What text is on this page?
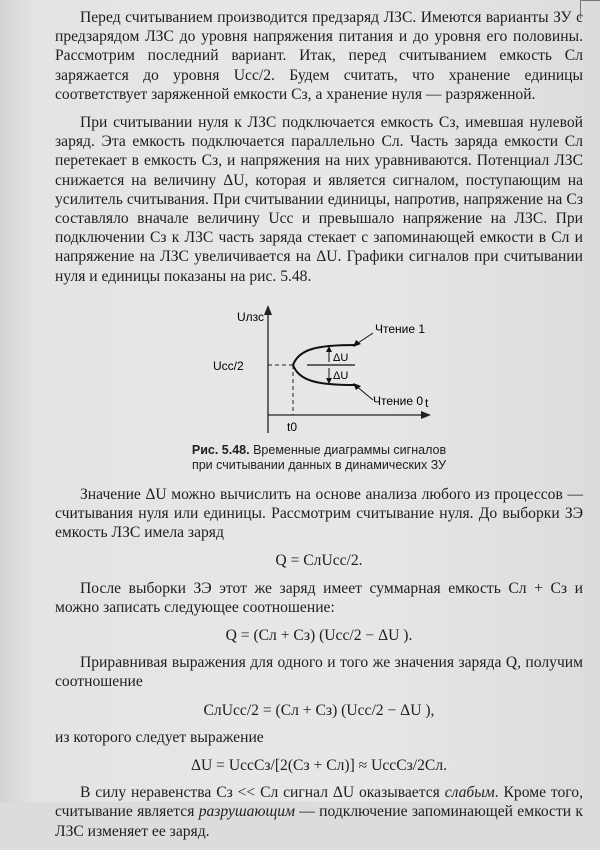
Перед считыванием производится предзаряд ЛЗС. Имеются варианты ЗУ с предзарядом ЛЗС до уровня напряжения питания и до уровня его половины. Рассмотрим последний вариант. Итак, перед считыванием емкость Сл заряжается до уровня Ucc/2. Будем считать, что хранение единицы соответствует заряженной емкости Сз, а хранение нуля — разряженной.

При считывании нуля к ЛЗС подключается емкость Сз, имевшая нулевой заряд. Эта емкость подключается параллельно Сл. Часть заряда емкости Сл перетекает в емкость Сз, и напряжения на них уравниваются. Потенциал ЛЗС снижается на величину ΔU, которая и является сигналом, поступающим на усилитель считывания. При считывании единицы, напротив, напряжение на Сз составляло вначале величину Ucc и превышало напряжение на ЛЗС. При подключении Сз к ЛЗС часть заряда стекает с запоминающей емкости в Сл и напряжение на ЛЗС увеличивается на ΔU. Графики сигналов при считывании нуля и единицы показаны на рис. 5.48.

Uлзс
Ucc/2
t
t0
ΔU
ΔU
Чтение 1
Чтение 0
Рис. 5.48. Временные диаграммы сигналов
при считывании данных в динамических ЗУ

Значение ΔU можно вычислить на основе анализа любого из процессов — считывания нуля или единицы. Рассмотрим считывание нуля. До выборки ЗЭ емкость ЛЗС имела заряд

Q = CлUcc/2.

После выборки ЗЭ этот же заряд имеет суммарная емкость Сл + Сз и можно записать следующее соотношение:

Q = (Cл + Сз) (Ucc/2 − ΔU ).

Приравнивая выражения для одного и того же значения заряда Q, получим соотношение

CлUcc/2 = (Сл + Сз) (Ucc/2 − ΔU ),

из которого следует выражение

ΔU = UccСз/[2(Сз + Сл)] ≈ UccСз/2Сл.

В силу неравенства Сз << Сл сигнал ΔU оказывается слабым. Кроме того, считывание является разрушающим — подключение запоминающей емкости к ЛЗС изменяет ее заряд.
